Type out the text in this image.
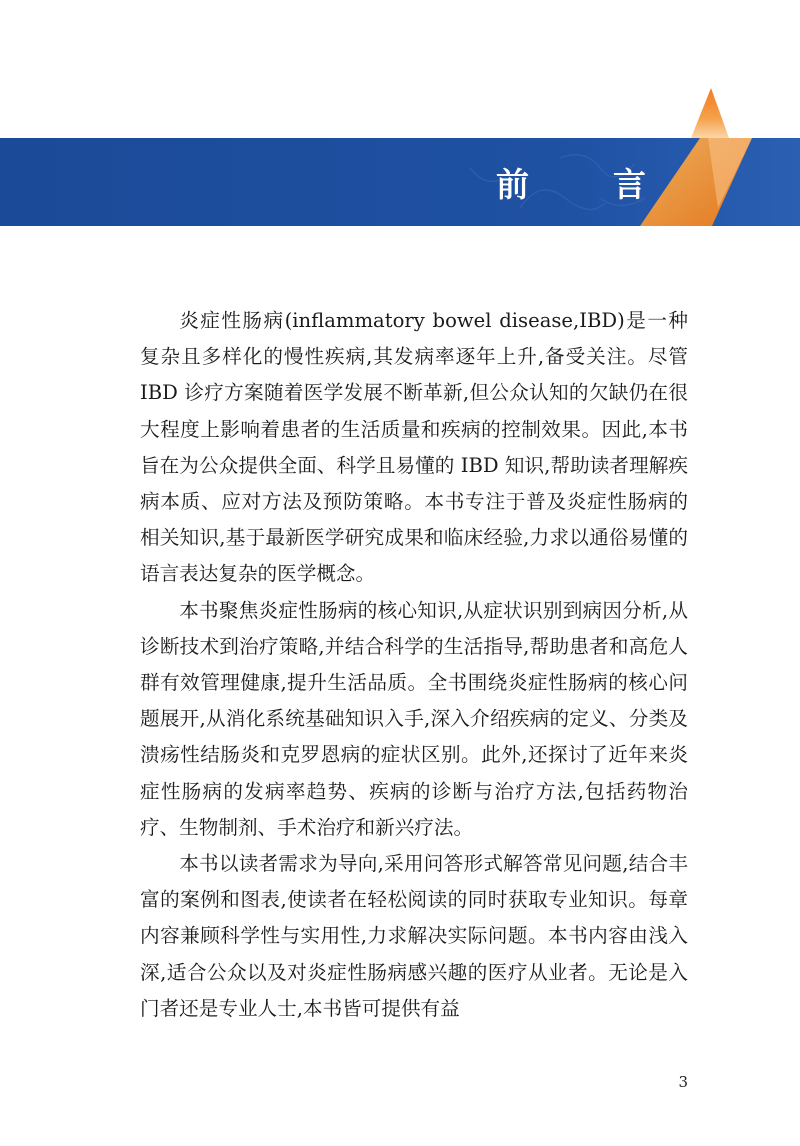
前	言

炎症性肠病(inflammatory bowel disease,IBD)是一种复杂且多样化的慢性疾病,其发病率逐年上升,备受关注。尽管 IBD 诊疗方案随着医学发展不断革新,但公众认知的欠缺仍在很大程度上影响着患者的生活质量和疾病的控制效果。因此,本书旨在为公众提供全面、科学且易懂的 IBD 知识,帮助读者理解疾病本质、应对方法及预防策略。本书专注于普及炎症性肠病的相关知识,基于最新医学研究成果和临床经验,力求以通俗易懂的语言表达复杂的医学概念。

本书聚焦炎症性肠病的核心知识,从症状识别到病因分析,从诊断技术到治疗策略,并结合科学的生活指导,帮助患者和高危人群有效管理健康,提升生活品质。全书围绕炎症性肠病的核心问题展开,从消化系统基础知识入手,深入介绍疾病的定义、分类及溃疡性结肠炎和克罗恩病的症状区别。此外,还探讨了近年来炎症性肠病的发病率趋势、疾病的诊断与治疗方法,包括药物治疗、生物制剂、手术治疗和新兴疗法。

本书以读者需求为导向,采用问答形式解答常见问题,结合丰富的案例和图表,使读者在轻松阅读的同时获取专业知识。每章内容兼顾科学性与实用性,力求解决实际问题。本书内容由浅入深,适合公众以及对炎症性肠病感兴趣的医疗从业者。无论是入门者还是专业人士,本书皆可提供有益

3
